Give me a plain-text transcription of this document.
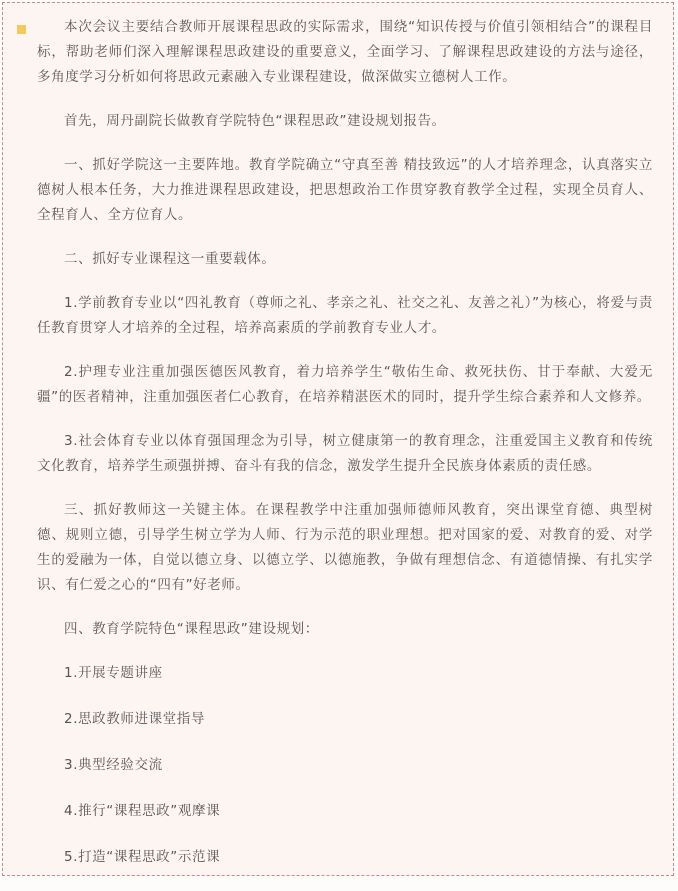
本次会议主要结合教师开展课程思政的实际需求，围绕“知识传授与价值引领相结合”的课程目标，帮助老师们深入理解课程思政建设的重要意义，全面学习、了解课程思政建设的方法与途径，多角度学习分析如何将思政元素融入专业课程建设，做深做实立德树人工作。

首先，周丹副院长做教育学院特色“课程思政”建设规划报告。

一、抓好学院这一主要阵地。教育学院确立“守真至善 精技致远”的人才培养理念，认真落实立德树人根本任务，大力推进课程思政建设，把思想政治工作贯穿教育教学全过程，实现全员育人、全程育人、全方位育人。

二、抓好专业课程这一重要载体。

1.学前教育专业以“四礼教育（尊师之礼、孝亲之礼、社交之礼、友善之礼）”为核心，将爱与责任教育贯穿人才培养的全过程，培养高素质的学前教育专业人才。

2.护理专业注重加强医德医风教育，着力培养学生“敬佑生命、救死扶伤、甘于奉献、大爱无疆”的医者精神，注重加强医者仁心教育，在培养精湛医术的同时，提升学生综合素养和人文修养。

3.社会体育专业以体育强国理念为引导，树立健康第一的教育理念，注重爱国主义教育和传统文化教育，培养学生顽强拼搏、奋斗有我的信念，激发学生提升全民族身体素质的责任感。

三、抓好教师这一关键主体。在课程教学中注重加强师德师风教育，突出课堂育德、典型树德、规则立德，引导学生树立学为人师、行为示范的职业理想。把对国家的爱、对教育的爱、对学生的爱融为一体，自觉以德立身、以德立学、以德施教，争做有理想信念、有道德情操、有扎实学识、有仁爱之心的“四有”好老师。

四、教育学院特色“课程思政”建设规划：

1.开展专题讲座

2.思政教师进课堂指导

3.典型经验交流

4.推行“课程思政”观摩课

5.打造“课程思政”示范课
